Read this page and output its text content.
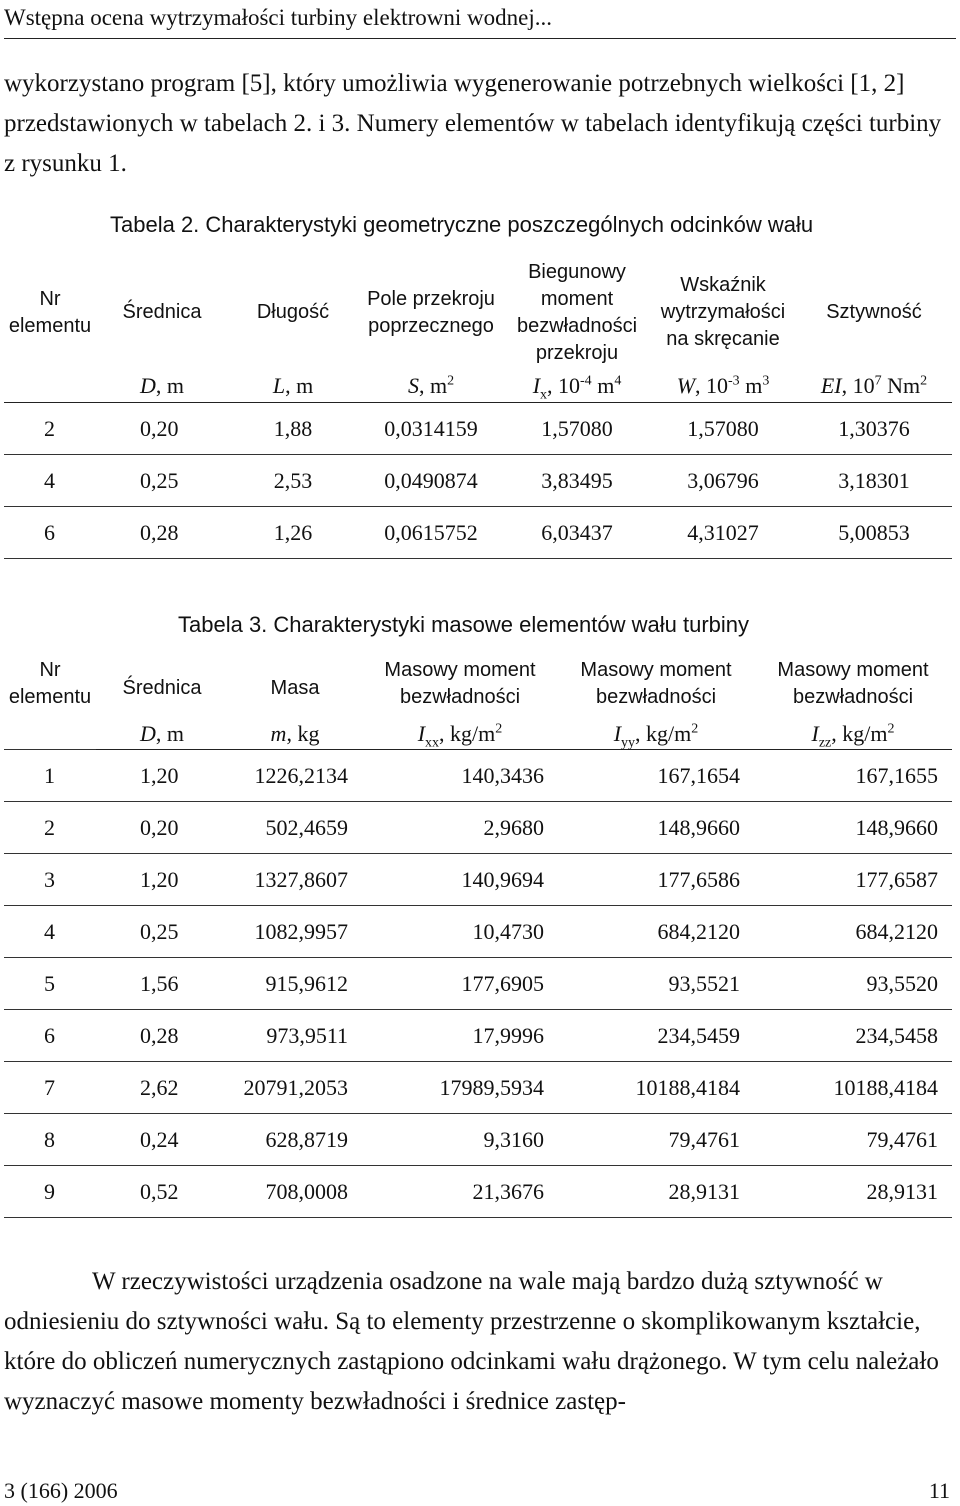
Wstępna ocena wytrzymałości turbiny elektrowni wodnej...
wykorzystano program [5], który umożliwia wygenerowanie potrzebnych wielkości [1, 2] przedstawionych w tabelach 2. i 3. Numery elementów w tabelach identyfikują części turbiny z rysunku 1.
Tabela 2. Charakterystyki geometryczne poszczególnych odcinków wału
Nr elementu	Średnica	Długość	Pole przekroju poprzecznego	Biegunowy moment bezwładności przekroju	Wskaźnik wytrzymałości na skręcanie	Sztywność
	D, m	L, m	S, $m^2$	$I_x$, $10^{-4}$ $m^4$	W, $10^{-3}$ $m^3$	EI, $10^7$ Nm$^2$
2	0,20	1,88	0,0314159	1,57080	1,57080	1,30376
4	0,25	2,53	0,0490874	3,83495	3,06796	3,18301
6	0,28	1,26	0,0615752	6,03437	4,31027	5,00853
Tabela 3. Charakterystyki masowe elementów wału turbiny
Nr elementu	Średnica	Masa	Masowy moment bezwładności	Masowy moment bezwładności	Masowy moment bezwładności
	D, m	m, kg	$I_{xx}$, $kg/m^2$	$I_{yy}$, $kg/m^2$	$I_{zz}$, $kg/m^2$
1	1,20	1226,2134	140,3436	167,1654	167,1655
2	0,20	502,4659	2,9680	148,9660	148,9660
3	1,20	1327,8607	140,9694	177,6586	177,6587
4	0,25	1082,9957	10,4730	684,2120	684,2120
5	1,56	915,9612	177,6905	93,5521	93,5520
6	0,28	973,9511	17,9996	234,5459	234,5458
7	2,62	20791,2053	17989,5934	10188,4184	10188,4184
8	0,24	628,8719	9,3160	79,4761	79,4761
9	0,52	708,0008	21,3676	28,9131	28,9131
W rzeczywistości urządzenia osadzone na wale mają bardzo dużą sztywność w odniesieniu do sztywności wału. Są to elementy przestrzenne o skomplikowanym kształcie, które do obliczeń numerycznych zastąpiono odcinkami wału drążonego. W tym celu należało wyznaczyć masowe momenty bezwładności i średnice zastęp-
3 (166) 2006	11
